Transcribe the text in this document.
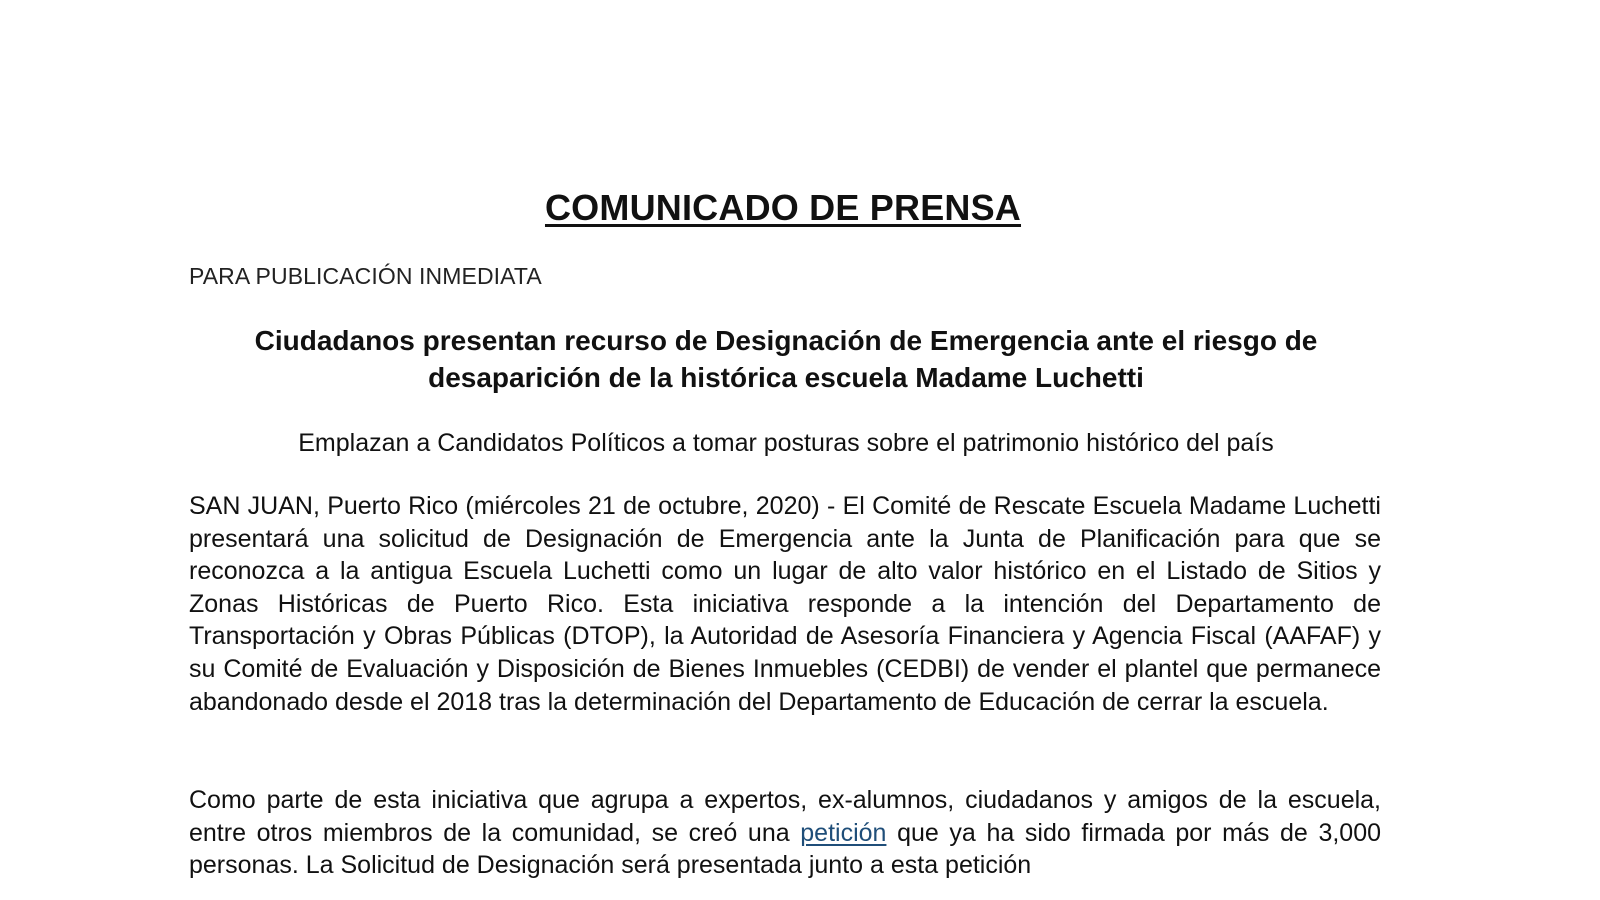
COMUNICADO DE PRENSA
PARA PUBLICACIÓN INMEDIATA
Ciudadanos presentan recurso de Designación de Emergencia ante el riesgo de desaparición de la histórica escuela Madame Luchetti
Emplazan a Candidatos Políticos a tomar posturas sobre el patrimonio histórico del país
SAN JUAN, Puerto Rico (miércoles 21 de octubre, 2020) - El Comité de Rescate Escuela Madame Luchetti presentará una solicitud de Designación de Emergencia ante la Junta de Planificación para que se reconozca a la antigua Escuela Luchetti como un lugar de alto valor histórico en el Listado de Sitios y Zonas Históricas de Puerto Rico. Esta iniciativa responde a la intención del Departamento de Transportación y Obras Públicas (DTOP), la Autoridad de Asesoría Financiera y Agencia Fiscal (AAFAF) y su Comité de Evaluación y Disposición de Bienes Inmuebles (CEDBI) de vender el plantel que permanece abandonado desde el 2018 tras la determinación del Departamento de Educación de cerrar la escuela.
Como parte de esta iniciativa que agrupa a expertos, ex-alumnos, ciudadanos y amigos de la escuela, entre otros miembros de la comunidad, se creó una petición que ya ha sido firmada por más de 3,000 personas. La Solicitud de Designación será presentada junto a esta petición
